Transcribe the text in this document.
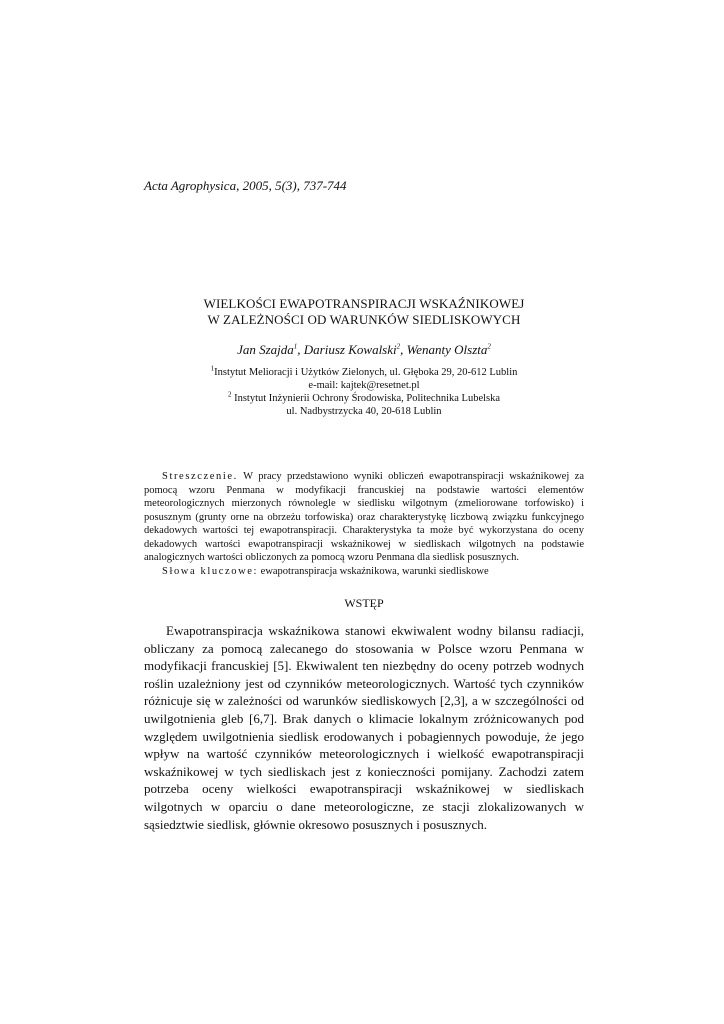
Acta Agrophysica, 2005, 5(3), 737-744
WIELKOŚCI EWAPOTRANSPIRACJI WSKAŹNIKOWEJ
W ZALEŻNOŚCI OD WARUNKÓW SIEDLISKOWYCH
Jan Szajda$^1$, Dariusz Kowalski$^2$, Wenanty Olszta$^2$
$^1$Instytut Melioracji i Użytków Zielonych, ul. Głęboka 29, 20-612 Lublin
e-mail: kajtek@resetnet.pl
$^2$ Instytut Inżynierii Ochrony Środowiska, Politechnika Lubelska
ul. Nadbystrzycka 40, 20-618 Lublin

Streszczenie. W pracy przedstawiono wyniki obliczeń ewapotranspiracji wskaźnikowej za pomocą wzoru Penmana w modyfikacji francuskiej na podstawie wartości elementów meteorologicznych mierzonych równolegle w siedlisku wilgotnym (zmeliorowane torfowisko) i posusznym (grunty orne na obrzeżu torfowiska) oraz charakterystykę liczbową związku funkcyjnego dekadowych wartości tej ewapotranspiracji. Charakterystyka ta może być wykorzystana do oceny dekadowych wartości ewapotranspiracji wskaźnikowej w siedliskach wilgotnych na podstawie analogicznych wartości obliczonych za pomocą wzoru Penmana dla siedlisk posusznych.

Słowa kluczowe: ewapotranspiracja wskaźnikowa, warunki siedliskowe

WSTĘP

Ewapotranspiracja wskaźnikowa stanowi ekwiwalent wodny bilansu radiacji, obliczany za pomocą zalecanego do stosowania w Polsce wzoru Penmana w modyfikacji francuskiej [5]. Ekwiwalent ten niezbędny do oceny potrzeb wodnych roślin uzależniony jest od czynników meteorologicznych. Wartość tych czynników różnicuje się w zależności od warunków siedliskowych [2,3], a w szczególności od uwilgotnienia gleb [6,7]. Brak danych o klimacie lokalnym zróżnicowanych pod względem uwilgotnienia siedlisk erodowanych i pobagiennych powoduje, że jego wpływ na wartość czynników meteorologicznych i wielkość ewapotranspiracji wskaźnikowej w tych siedliskach jest z konieczności pomijany. Zachodzi zatem potrzeba oceny wielkości ewapotranspiracji wskaźnikowej w siedliskach wilgotnych w oparciu o dane meteorologiczne, ze stacji zlokalizowanych w sąsiedztwie siedlisk, głównie okresowo posusznych i posusznych.
